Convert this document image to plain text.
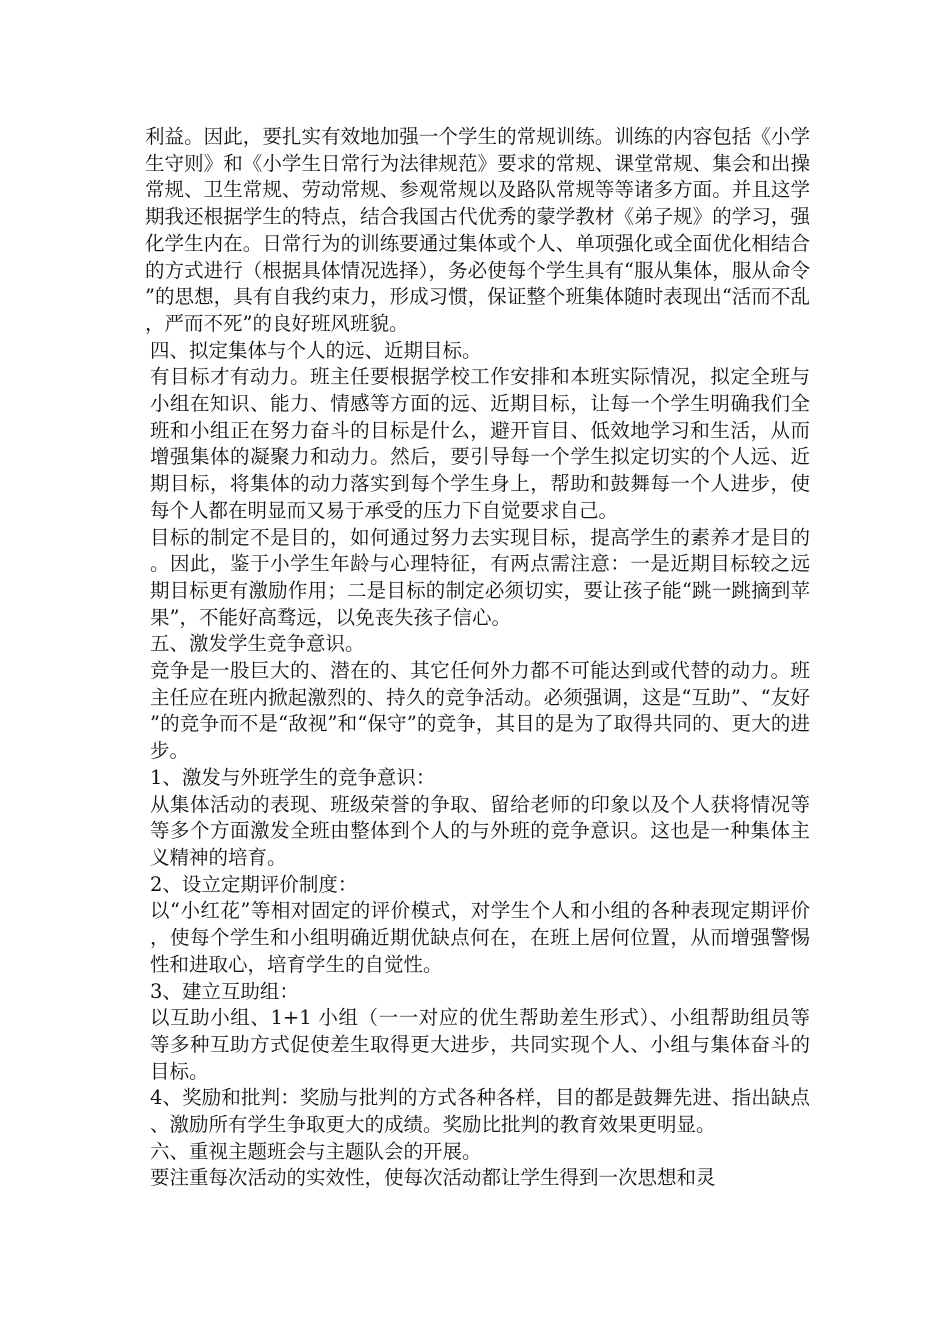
利益。因此，要扎实有效地加强一个学生的常规训练。训练的内容包括《小学生守则》和《小学生日常行为法律规范》要求的常规、课堂常规、集会和出操常规、卫生常规、劳动常规、参观常规以及路队常规等等诸多方面。并且这学期我还根据学生的特点，结合我国古代优秀的蒙学教材《弟子规》的学习，强化学生内在。日常行为的训练要通过集体或个人、单项强化或全面优化相结合的方式进行（根据具体情况选择），务必使每个学生具有“服从集体，服从命令”的思想，具有自我约束力，形成习惯，保证整个班集体随时表现出“活而不乱，严而不死”的良好班风班貌。

四、拟定集体与个人的远、近期目标。

有目标才有动力。班主任要根据学校工作安排和本班实际情况，拟定全班与小组在知识、能力、情感等方面的远、近期目标，让每一个学生明确我们全班和小组正在努力奋斗的目标是什么，避开盲目、低效地学习和生活，从而增强集体的凝聚力和动力。然后，要引导每一个学生拟定切实的个人远、近期目标，将集体的动力落实到每个学生身上，帮助和鼓舞每一个人进步，使每个人都在明显而又易于承受的压力下自觉要求自己。

目标的制定不是目的，如何通过努力去实现目标，提高学生的素养才是目的。因此，鉴于小学生年龄与心理特征，有两点需注意：一是近期目标较之远期目标更有激励作用；二是目标的制定必须切实，要让孩子能“跳一跳摘到苹果”，不能好高骛远，以免丧失孩子信心。

五、激发学生竞争意识。

竞争是一股巨大的、潜在的、其它任何外力都不可能达到或代替的动力。班主任应在班内掀起激烈的、持久的竞争活动。必须强调，这是“互助”、“友好”的竞争而不是“敌视”和“保守”的竞争，其目的是为了取得共同的、更大的进步。

1、激发与外班学生的竞争意识：

从集体活动的表现、班级荣誉的争取、留给老师的印象以及个人获将情况等等多个方面激发全班由整体到个人的与外班的竞争意识。这也是一种集体主义精神的培育。

2、设立定期评价制度：

以“小红花”等相对固定的评价模式，对学生个人和小组的各种表现定期评价，使每个学生和小组明确近期优缺点何在，在班上居何位置，从而增强警惕性和进取心，培育学生的自觉性。

3、建立互助组：

以互助小组、1+1 小组（一一对应的优生帮助差生形式）、小组帮助组员等等多种互助方式促使差生取得更大进步，共同实现个人、小组与集体奋斗的目标。

4、奖励和批判：奖励与批判的方式各种各样，目的都是鼓舞先进、指出缺点、激励所有学生争取更大的成绩。奖励比批判的教育效果更明显。

六、重视主题班会与主题队会的开展。

要注重每次活动的实效性，使每次活动都让学生得到一次思想和灵
